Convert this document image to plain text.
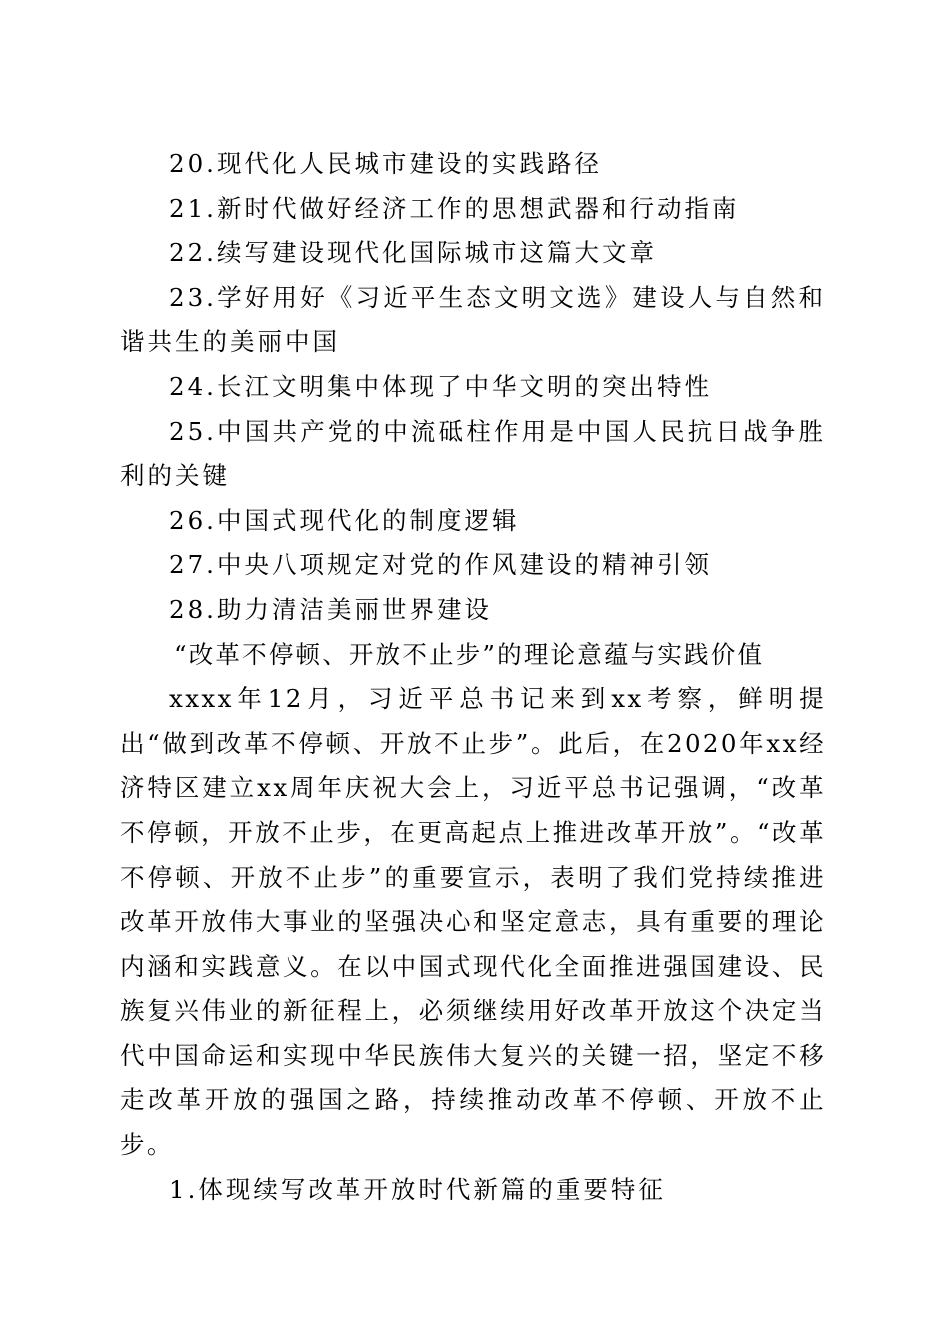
20.现代化人民城市建设的实践路径

21.新时代做好经济工作的思想武器和行动指南

22.续写建设现代化国际城市这篇大文章

23.学好用好《习近平生态文明文选》建设人与自然和谐共生的美丽中国

24.长江文明集中体现了中华文明的突出特性

25.中国共产党的中流砥柱作用是中国人民抗日战争胜利的关键

26.中国式现代化的制度逻辑

27.中央八项规定对党的作风建设的精神引领

28.助力清洁美丽世界建设

“改革不停顿、开放不止步”的理论意蕴与实践价值

xxxx年12月，习近平总书记来到xx考察，鲜明提出“做到改革不停顿、开放不止步”。此后，在2020年xx经济特区建立xx周年庆祝大会上，习近平总书记强调，“改革不停顿，开放不止步，在更高起点上推进改革开放”。“改革不停顿、开放不止步”的重要宣示，表明了我们党持续推进改革开放伟大事业的坚强决心和坚定意志，具有重要的理论内涵和实践意义。在以中国式现代化全面推进强国建设、民族复兴伟业的新征程上，必须继续用好改革开放这个决定当代中国命运和实现中华民族伟大复兴的关键一招，坚定不移走改革开放的强国之路，持续推动改革不停顿、开放不止步。

1.体现续写改革开放时代新篇的重要特征
